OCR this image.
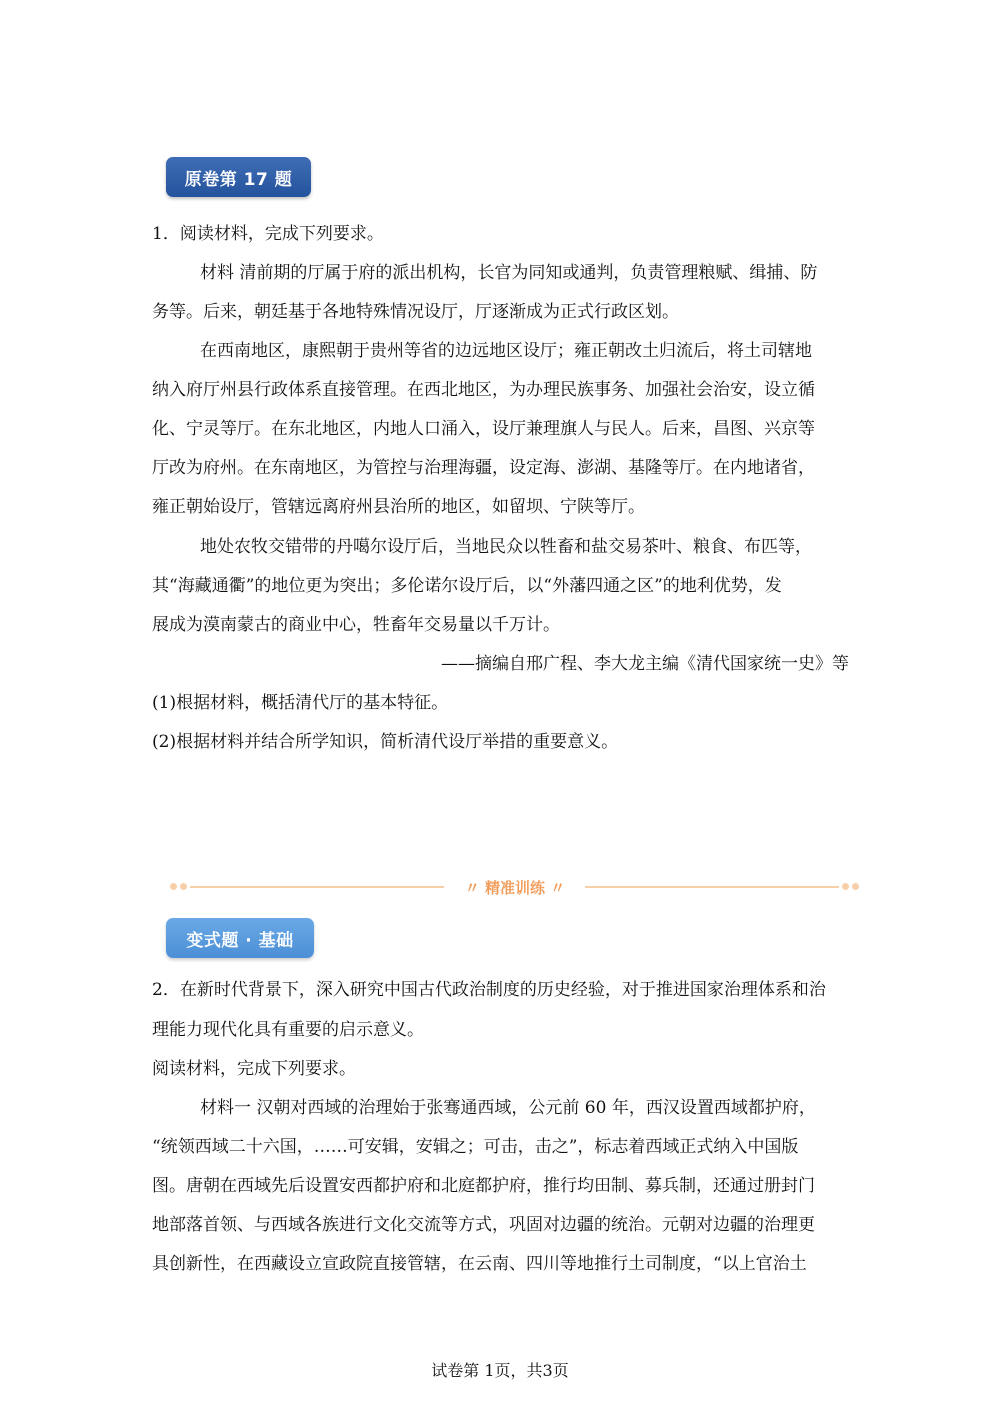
原卷第 17 题
1．阅读材料，完成下列要求。
材料 清前期的厅属于府的派出机构，长官为同知或通判，负责管理粮赋、缉捕、防
务等。后来，朝廷基于各地特殊情况设厅，厅逐渐成为正式行政区划。
在西南地区，康熙朝于贵州等省的边远地区设厅；雍正朝改土归流后，将土司辖地
纳入府厅州县行政体系直接管理。在西北地区，为办理民族事务、加强社会治安，设立循
化、宁灵等厅。在东北地区，内地人口涌入，设厅兼理旗人与民人。后来，昌图、兴京等
厅改为府州。在东南地区，为管控与治理海疆，设定海、澎湖、基隆等厅。在内地诸省，
雍正朝始设厅，管辖远离府州县治所的地区，如留坝、宁陕等厅。
地处农牧交错带的丹噶尔设厅后，当地民众以牲畜和盐交易茶叶、粮食、布匹等，
其“海藏通衢”的地位更为突出；多伦诺尔设厅后，以“外藩四通之区”的地利优势，发
展成为漠南蒙古的商业中心，牲畜年交易量以千万计。
——摘编自邢广程、李大龙主编《清代国家统一史》等
(1)根据材料，概括清代厅的基本特征。
(2)根据材料并结合所学知识，简析清代设厅举措的重要意义。
〃 精准训练 〃
变式题 · 基础
2．在新时代背景下，深入研究中国古代政治制度的历史经验，对于推进国家治理体系和治
理能力现代化具有重要的启示意义。
阅读材料，完成下列要求。
材料一 汉朝对西域的治理始于张骞通西域，公元前 60 年，西汉设置西域都护府，
“统领西域二十六国，……可安辑，安辑之；可击，击之”，标志着西域正式纳入中国版
图。唐朝在西域先后设置安西都护府和北庭都护府，推行均田制、募兵制，还通过册封门
地部落首领、与西域各族进行文化交流等方式，巩固对边疆的统治。元朝对边疆的治理更
具创新性，在西藏设立宣政院直接管辖，在云南、四川等地推行土司制度，“以上官治土
试卷第 1页，共3页
